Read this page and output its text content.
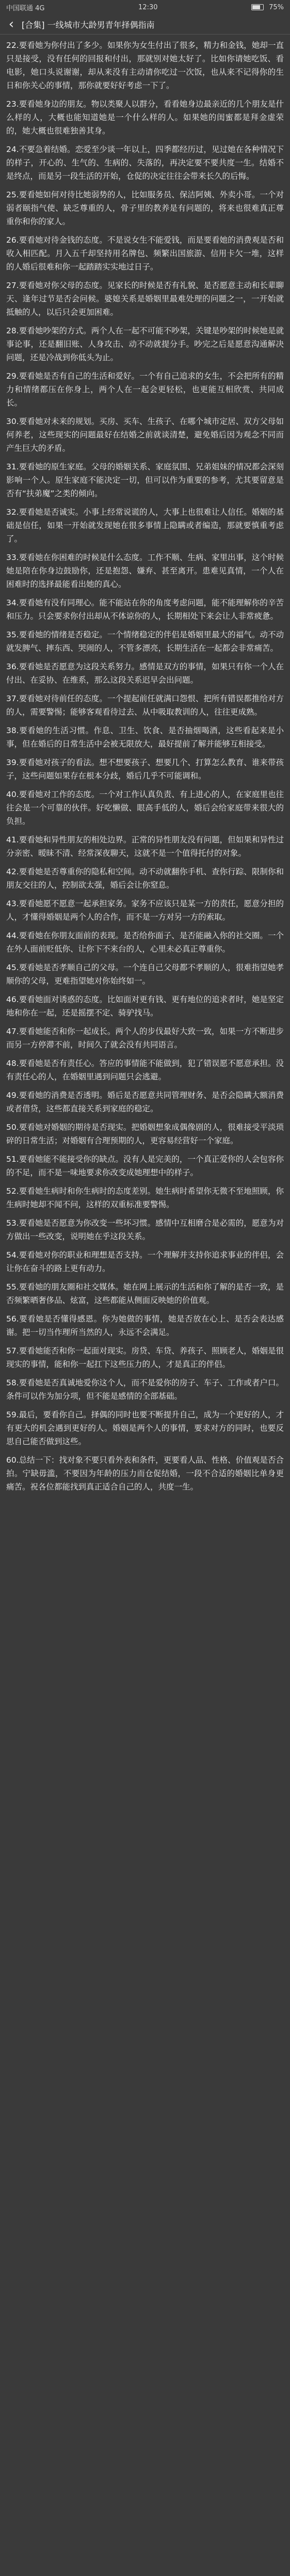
中国联通 4G	12:30	75%
‹ [合集] 一线城市大龄男青年择偶指南

22.要看她为你付出了多少。如果你为女生付出了很多，精力和金钱，她却一直只是接受，没有任何的回报和付出，那就别对她太好了。比如你请她吃饭、看电影，她口头说谢谢，却从来没有主动请你吃过一次饭，也从来不记得你的生日和你关心的事情，那你就要好好考虑一下了。

23.要看她身边的朋友。物以类聚人以群分，看看她身边最亲近的几个朋友是什么样的人，大概也能知道她是一个什么样的人。如果她的闺蜜都是拜金虚荣的，她大概也很难独善其身。

24.不要急着结婚。恋爱至少谈一年以上，四季都经历过，见过她在各种情况下的样子，开心的、生气的、生病的、失落的，再决定要不要共度一生。结婚不是终点，而是另一段生活的开始，仓促的决定往往会带来长久的后悔。

25.要看她如何对待比她弱势的人，比如服务员、保洁阿姨、外卖小哥。一个对弱者颐指气使、缺乏尊重的人，骨子里的教养是有问题的，将来也很难真正尊重你和你的家人。

26.要看她对待金钱的态度。不是说女生不能爱钱，而是要看她的消费观是否和收入相匹配。月入五千却坚持用名牌包、频繁出国旅游、信用卡欠一堆，这样的人婚后很难和你一起踏踏实实地过日子。

27.要看她对你父母的态度。见家长的时候是否有礼貌、是否愿意主动和长辈聊天、逢年过节是否会问候。婆媳关系是婚姻里最难处理的问题之一，一开始就抵触的人，以后只会更加困难。

28.要看她吵架的方式。两个人在一起不可能不吵架，关键是吵架的时候她是就事论事，还是翻旧账、人身攻击、动不动就提分手。吵完之后是愿意沟通解决问题，还是冷战到你低头为止。

29.要看她是否有自己的生活和爱好。一个有自己追求的女生，不会把所有的精力和情绪都压在你身上，两个人在一起会更轻松，也更能互相欣赏、共同成长。

30.要看她对未来的规划。买房、买车、生孩子、在哪个城市定居、双方父母如何养老，这些现实的问题最好在结婚之前就谈清楚，避免婚后因为观念不同而产生巨大的矛盾。

31.要看她的原生家庭。父母的婚姻关系、家庭氛围、兄弟姐妹的情况都会深刻影响一个人。原生家庭不能决定一切，但可以作为重要的参考，尤其要留意是否有“扶弟魔”之类的倾向。

32.要看她是否诚实。小事上经常说谎的人，大事上也很难让人信任。婚姻的基础是信任，如果一开始就发现她在很多事情上隐瞒或者编造，那就要慎重考虑了。

33.要看她在你困难的时候是什么态度。工作不顺、生病、家里出事，这个时候她是陪在你身边鼓励你，还是抱怨、嫌弃、甚至离开。患难见真情，一个人在困难时的选择最能看出她的真心。

34.要看她有没有同理心。能不能站在你的角度考虑问题，能不能理解你的辛苦和压力。只会要求你付出却从不体谅你的人，长期相处下来会让人非常疲惫。

35.要看她的情绪是否稳定。一个情绪稳定的伴侣是婚姻里最大的福气。动不动就发脾气、摔东西、哭闹的人，不管多漂亮，长期生活在一起都会非常痛苦。

36.要看她是否愿意为这段关系努力。感情是双方的事情，如果只有你一个人在付出、在妥协、在维系，那么这段关系迟早会出问题。

37.要看她对待前任的态度。一个提起前任就满口怨恨、把所有错误都推给对方的人，需要警惕；能够客观看待过去、从中吸取教训的人，往往更成熟。

38.要看她的生活习惯。作息、卫生、饮食、是否抽烟喝酒，这些看起来是小事，但在婚后的日常生活中会被无限放大，最好提前了解并能够互相接受。

39.要看她对孩子的看法。想不想要孩子、想要几个、打算怎么教育、谁来带孩子，这些问题如果存在根本分歧，婚后几乎不可能调和。

40.要看她对工作的态度。一个对工作认真负责、有上进心的人，在家庭里也往往会是一个可靠的伙伴。好吃懒做、眼高手低的人，婚后会给家庭带来很大的负担。

41.要看她和异性朋友的相处边界。正常的异性朋友没有问题，但如果和异性过分亲密、暧昧不清、经常深夜聊天，这就不是一个值得托付的对象。

42.要看她是否尊重你的隐私和空间。动不动就翻你手机、查你行踪、限制你和朋友交往的人，控制欲太强，婚后会让你窒息。

43.要看她愿不愿意一起承担家务。家务不应该只是某一方的责任，愿意分担的人，才懂得婚姻是两个人的合作，而不是一方对另一方的索取。

44.要看她在你朋友面前的表现。是否给你面子、是否能融入你的社交圈。一个在外人面前贬低你、让你下不来台的人，心里未必真正尊重你。

45.要看她是否孝顺自己的父母。一个连自己父母都不孝顺的人，很难指望她孝顺你的父母，更难指望她对你始终如一。

46.要看她面对诱惑的态度。比如面对更有钱、更有地位的追求者时，她是坚定地和你在一起，还是摇摆不定、骑驴找马。

47.要看她能否和你一起成长。两个人的步伐最好大致一致，如果一方不断进步而另一方停滞不前，时间久了就会没有共同语言。

48.要看她是否有责任心。答应的事情能不能做到，犯了错误愿不愿意承担。没有责任心的人，在婚姻里遇到问题只会逃避。

49.要看她的消费是否透明。婚后是否愿意共同管理财务、是否会隐瞒大额消费或者借贷，这些都直接关系到家庭的稳定。

50.要看她对婚姻的期待是否现实。把婚姻想象成偶像剧的人，很难接受平淡琐碎的日常生活；对婚姻有合理预期的人，更容易经营好一个家庭。

51.要看她能不能接受你的缺点。没有人是完美的，一个真正爱你的人会包容你的不足，而不是一味地要求你改变成她理想中的样子。

52.要看她生病时和你生病时的态度差别。她生病时希望你无微不至地照顾，你生病时她却不闻不问，这样的双重标准要警惕。

53.要看她是否愿意为你改变一些坏习惯。感情中互相磨合是必需的，愿意为对方做出一些改变，说明她在乎这段关系。

54.要看她对你的职业和理想是否支持。一个理解并支持你追求事业的伴侣，会让你在奋斗的路上更有动力。

55.要看她的朋友圈和社交媒体。她在网上展示的生活和你了解的是否一致，是否频繁晒奢侈品、炫富，这些都能从侧面反映她的价值观。

56.要看她是否懂得感恩。你为她做的事情，她是否放在心上、是否会表达感谢。把一切当作理所当然的人，永远不会满足。

57.要看她能否和你一起面对现实。房贷、车贷、养孩子、照顾老人，婚姻是很现实的事情，能和你一起扛下这些压力的人，才是真正的伴侣。

58.要看她是否真诚地爱你这个人，而不是爱你的房子、车子、工作或者户口。条件可以作为加分项，但不能是感情的全部基础。

59.最后，要看你自己。择偶的同时也要不断提升自己，成为一个更好的人，才有更大的机会遇到更好的人。婚姻是两个人的事情，要求对方的同时，也要反思自己能否做到这些。

60.总结一下：找对象不要只看外表和条件，更要看人品、性格、价值观是否合拍。宁缺毋滥，不要因为年龄的压力而仓促结婚，一段不合适的婚姻比单身更痛苦。祝各位都能找到真正适合自己的人，共度一生。
